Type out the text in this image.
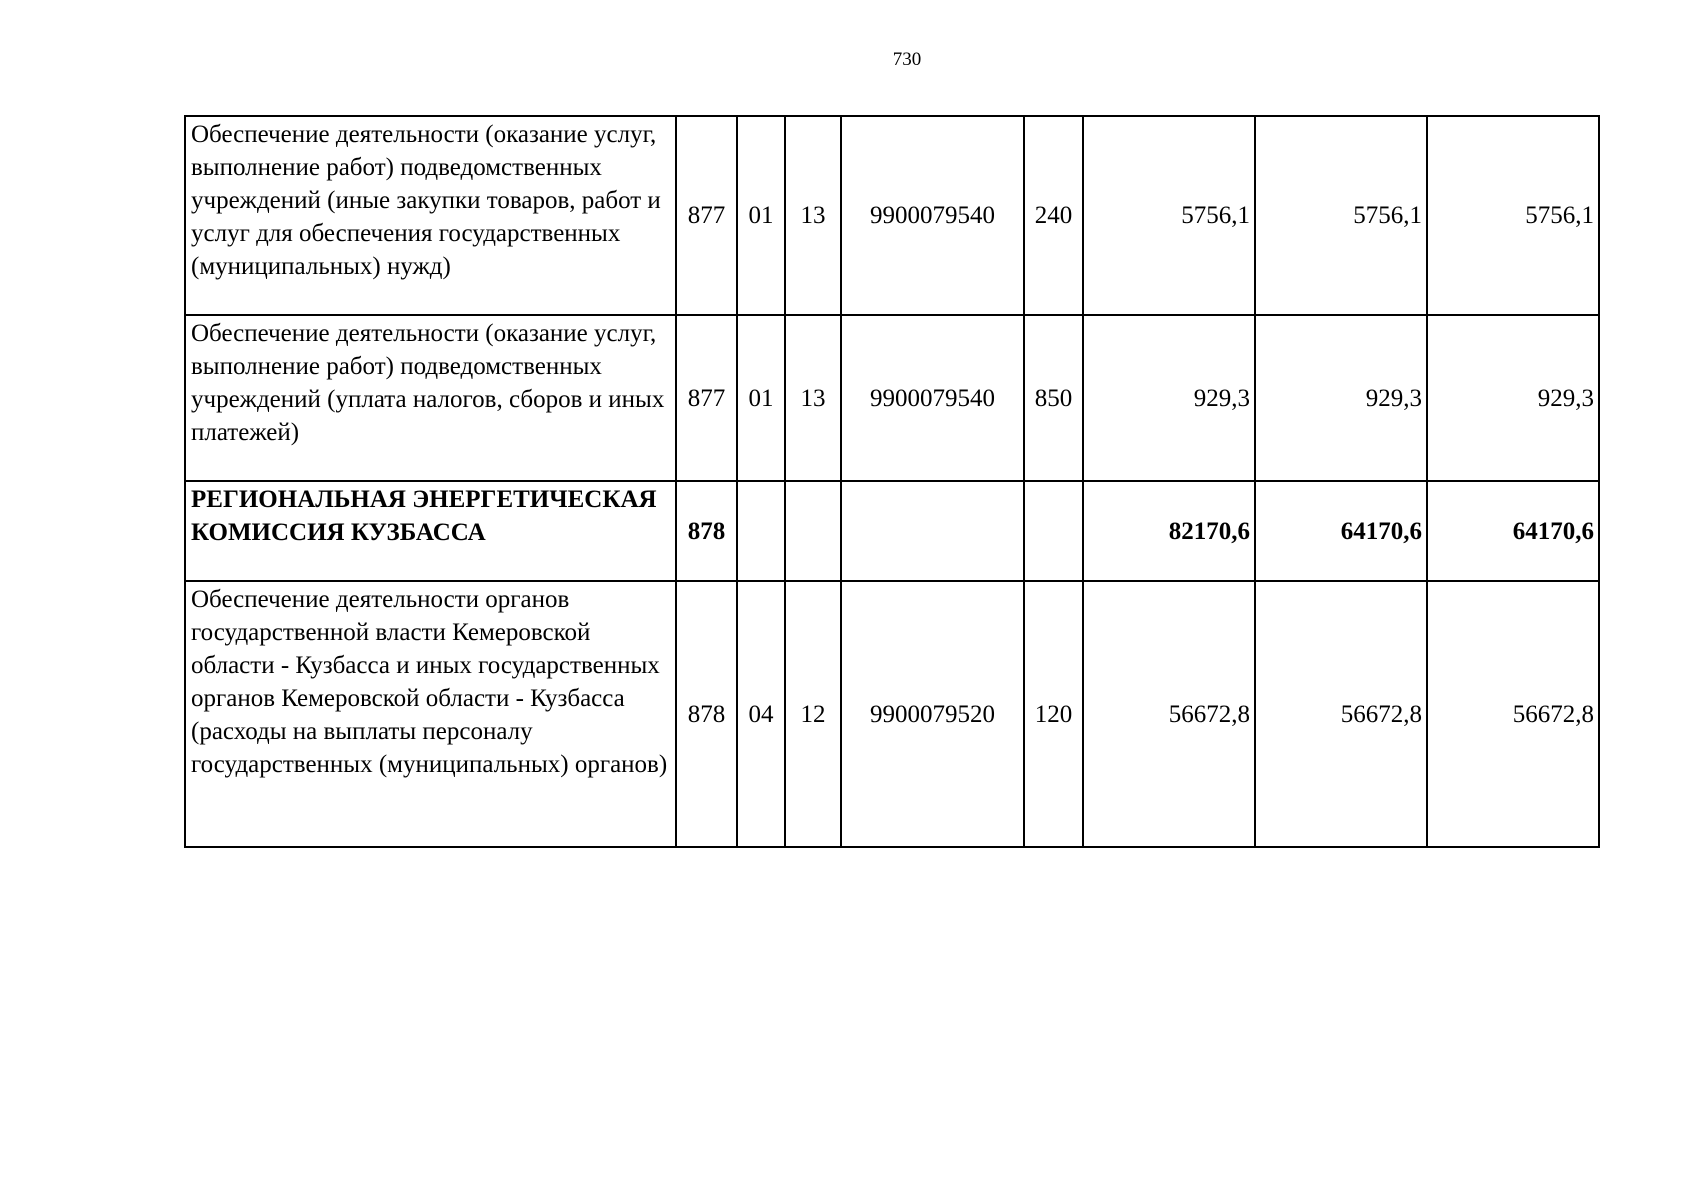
730
Обеспечение деятельности (оказание услуг, выполнение работ) подведомственных учреждений (иные закупки товаров, работ и услуг для обеспечения государственных (муниципальных) нужд)	877	01	13	9900079540	240	5756,1	5756,1	5756,1
Обеспечение деятельности (оказание услуг, выполнение работ) подведомственных учреждений (уплата налогов, сборов и иных платежей)	877	01	13	9900079540	850	929,3	929,3	929,3
РЕГИОНАЛЬНАЯ ЭНЕРГЕТИЧЕСКАЯ КОМИССИЯ КУЗБАССА	878					82170,6	64170,6	64170,6
Обеспечение деятельности органов государственной власти Кемеровской области - Кузбасса и иных государственных органов Кемеровской области - Кузбасса (расходы на выплаты персоналу государственных (муниципальных) органов)	878	04	12	9900079520	120	56672,8	56672,8	56672,8
